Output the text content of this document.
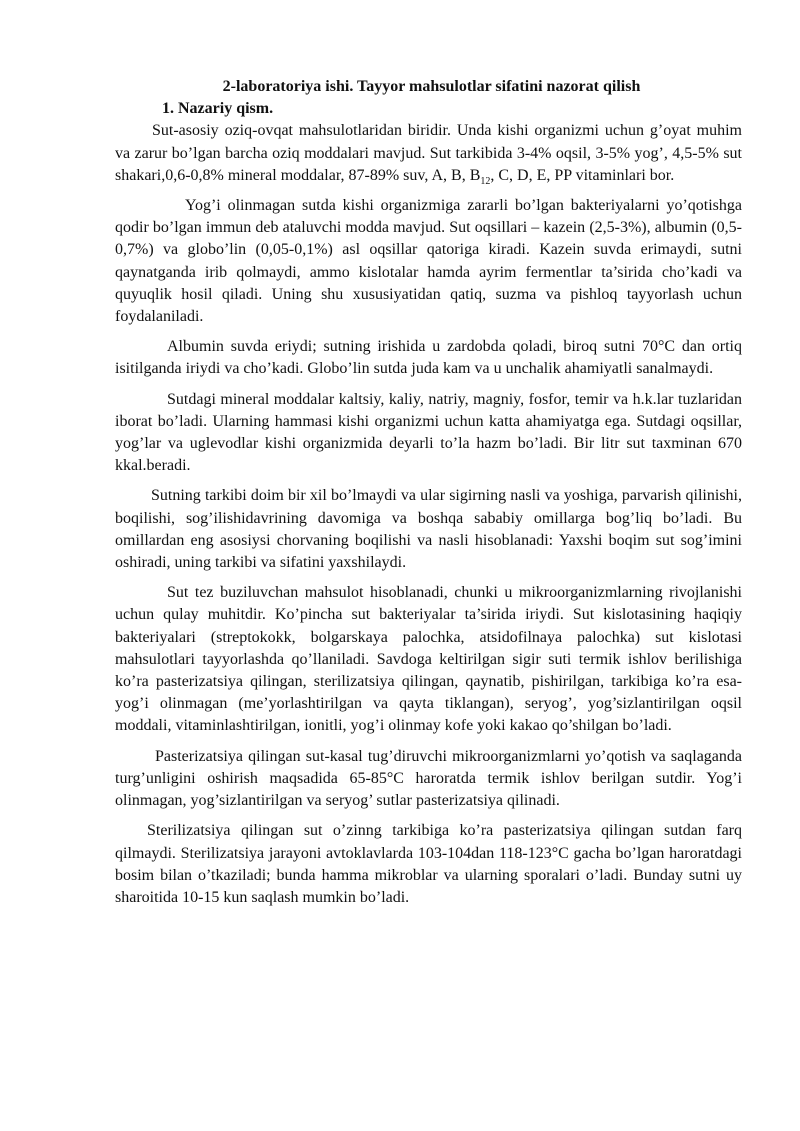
2-laboratoriya ishi. Tayyor mahsulotlar sifatini nazorat qilish
1. Nazariy qism.

Sut-asosiy oziq-ovqat mahsulotlaridan biridir. Unda kishi organizmi uchun g’oyat muhim va zarur bo’lgan barcha oziq moddalari mavjud. Sut tarkibida 3-4% oqsil, 3-5% yog’, 4,5-5% sut shakari,0,6-0,8% mineral moddalar, 87-89% suv, A, B, $B_{12}$, C, D, E, PP vitaminlari bor.

Yog’i olinmagan sutda kishi organizmiga zararli bo’lgan bakteriyalarni yo’qotishga qodir bo’lgan immun deb ataluvchi modda mavjud. Sut oqsillari – kazein (2,5-3%), albumin (0,5-0,7%) va globo’lin (0,05-0,1%) asl oqsillar qatoriga kiradi. Kazein suvda erimaydi, sutni qaynatganda irib qolmaydi, ammo kislotalar hamda ayrim fermentlar ta’sirida cho’kadi va quyuqlik hosil qiladi. Uning shu xususiyatidan qatiq, suzma va pishloq tayyorlash uchun foydalaniladi.

Albumin suvda eriydi; sutning irishida u zardobda qoladi, biroq sutni 70°C dan ortiq isitilganda iriydi va cho’kadi. Globo’lin sutda juda kam va u unchalik ahamiyatli sanalmaydi.

Sutdagi mineral moddalar kaltsiy, kaliy, natriy, magniy, fosfor, temir va h.k.lar tuzlaridan iborat bo’ladi. Ularning hammasi kishi organizmi uchun katta ahamiyatga ega. Sutdagi oqsillar, yog’lar va uglevodlar kishi organizmida deyarli to’la hazm bo’ladi. Bir litr sut taxminan 670 kkal.beradi.

Sutning tarkibi doim bir xil bo’lmaydi va ular sigirning nasli va yoshiga, parvarish qilinishi, boqilishi, sog’ilishidavrining davomiga va boshqa sababiy omillarga bog’liq bo’ladi. Bu omillardan eng asosiysi chorvaning boqilishi va nasli hisoblanadi: Yaxshi boqim sut sog’imini oshiradi, uning tarkibi va sifatini yaxshilaydi.

Sut tez buziluvchan mahsulot hisoblanadi, chunki u mikroorganizmlarning rivojlanishi uchun qulay muhitdir. Ko’pincha sut bakteriyalar ta’sirida iriydi. Sut kislotasining haqiqiy bakteriyalari (streptokokk, bolgarskaya palochka, atsidofilnaya palochka) sut kislotasi mahsulotlari tayyorlashda qo’llaniladi. Savdoga keltirilgan sigir suti termik ishlov berilishiga ko’ra pasterizatsiya qilingan, sterilizatsiya qilingan, qaynatib, pishirilgan, tarkibiga ko’ra esa-yog’i olinmagan (me’yorlashtirilgan va qayta tiklangan), seryog’, yog’sizlantirilgan oqsil moddali, vitaminlashtirilgan, ionitli, yog’i olinmay kofe yoki kakao qo’shilgan bo’ladi.

Pasterizatsiya qilingan sut-kasal tug’diruvchi mikroorganizmlarni yo’qotish va saqlaganda turg’unligini oshirish maqsadida 65-85°C haroratda termik ishlov berilgan sutdir. Yog’i olinmagan, yog’sizlantirilgan va seryog’ sutlar pasterizatsiya qilinadi.

Sterilizatsiya qilingan sut o’zinng tarkibiga ko’ra pasterizatsiya qilingan sutdan farq qilmaydi. Sterilizatsiya jarayoni avtoklavlarda 103-104dan 118-123°C gacha bo’lgan haroratdagi bosim bilan o’tkaziladi; bunda hamma mikroblar va ularning sporalari o’ladi. Bunday sutni uy sharoitida 10-15 kun saqlash mumkin bo’ladi.
